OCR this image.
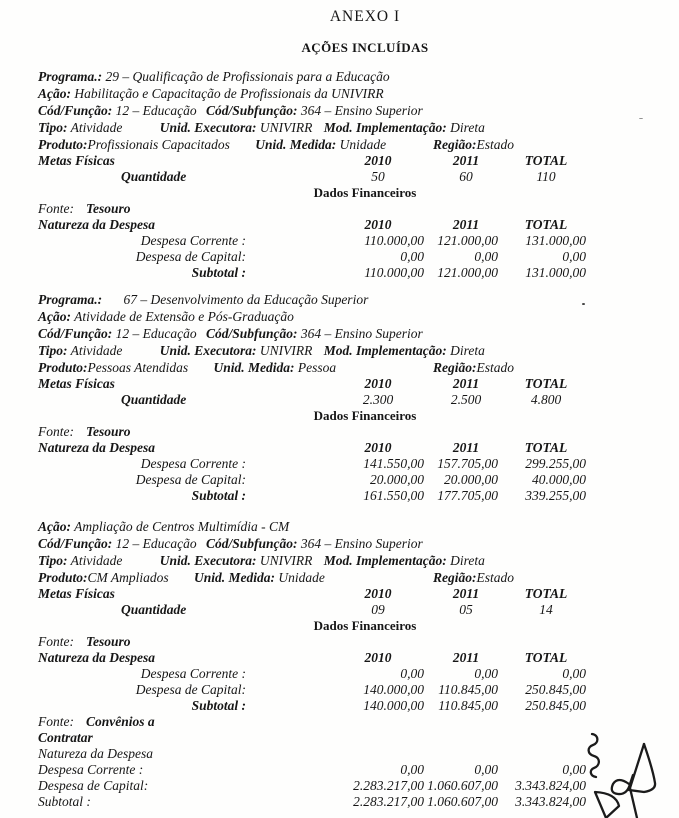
ANEXO I
AÇÕES INCLUÍDAS
Programa.: 29 – Qualificação de Profissionais para a Educação
Ação: Habilitação e Capacitação de Profissionais da UNIVIRR
Cód/Função: 12 – Educação Cód/Subfunção: 364 – Ensino Superior
Tipo: Atividade	Unid. Executora: UNIVIRR Mod. Implementação: Direta
Produto:Profissionais Capacitados Unid. Medida: Unidade	Região:Estado
Metas Físicas	2010	2011	TOTAL
Quantidade	50	60	110
Dados Financeiros
Fonte: Tesouro
Natureza da Despesa	2010	2011	TOTAL
Despesa Corrente :	110.000,00 121.000,00	131.000,00
Despesa de Capital:	0,00	0,00	0,00
Subtotal :	110.000,00 121.000,00	131.000,00
Programa.: 67 – Desenvolvimento da Educação Superior
Ação: Atividade de Extensão e Pós-Graduação
Cód/Função: 12 – Educação Cód/Subfunção: 364 – Ensino Superior
Tipo: Atividade	Unid. Executora: UNIVIRR Mod. Implementação: Direta
Produto:Pessoas Atendidas Unid. Medida: Pessoa	Região:Estado
Metas Físicas	2010	2011	TOTAL
Quantidade	2.300	2.500	4.800
Dados Financeiros
Fonte: Tesouro
Natureza da Despesa	2010	2011	TOTAL
Despesa Corrente :	141.550,00 157.705,00	299.255,00
Despesa de Capital:	20.000,00	20.000,00	40.000,00
Subtotal :	161.550,00 177.705,00	339.255,00
Ação: Ampliação de Centros Multimídia - CM
Cód/Função: 12 – Educação Cód/Subfunção: 364 – Ensino Superior
Tipo: Atividade	Unid. Executora: UNIVIRR Mod. Implementação: Direta
Produto:CM Ampliados Unid. Medida: Unidade	Região:Estado
Metas Físicas	2010	2011	TOTAL
Quantidade	09	05	14
Dados Financeiros
Fonte: Tesouro
Natureza da Despesa	2010	2011	TOTAL
Despesa Corrente :	0,00	0,00	0,00
Despesa de Capital:	140.000,00	110.845,00	250.845,00
Subtotal :	140.000,00	110.845,00	250.845,00
Fonte: Convênios a
Contratar
Natureza da Despesa
Despesa Corrente :	0,00	0,00	0,00
Despesa de Capital:	2.283.217,00 1.060.607,00	3.343.824,00
Subtotal :	2.283.217,00 1.060.607,00	3.343.824,00
